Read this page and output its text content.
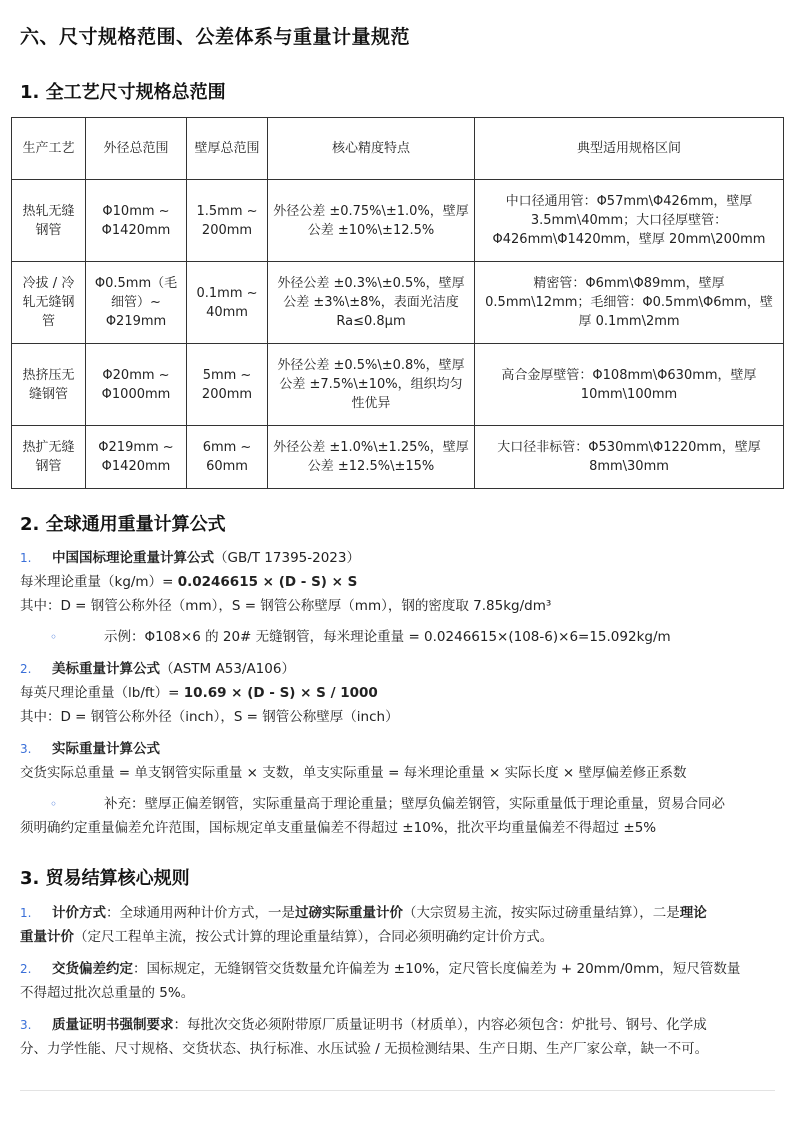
六、尺寸规格范围、公差体系与重量计量规范
1. 全工艺尺寸规格总范围
生产工艺	外径总范围	壁厚总范围	核心精度特点	典型适用规格区间
热轧无缝钢管	Φ10mm ~ Φ1420mm	1.5mm ~ 200mm	外径公差 ±0.75%\±1.0%，壁厚公差 ±10%\±12.5%	中口径通用管：Φ57mm\Φ426mm，壁厚 3.5mm\40mm；大口径厚壁管：Φ426mm\Φ1420mm，壁厚 20mm\200mm
冷拔 / 冷轧无缝钢管	Φ0.5mm（毛细管）~ Φ219mm	0.1mm ~ 40mm	外径公差 ±0.3%\±0.5%，壁厚公差 ±3%\±8%，表面光洁度 Ra≤0.8μm	精密管：Φ6mm\Φ89mm，壁厚 0.5mm\12mm；毛细管：Φ0.5mm\Φ6mm，壁厚 0.1mm\2mm
热挤压无缝钢管	Φ20mm ~ Φ1000mm	5mm ~ 200mm	外径公差 ±0.5%\±0.8%，壁厚公差 ±7.5%\±10%，组织均匀性优异	高合金厚壁管：Φ108mm\Φ630mm，壁厚 10mm\100mm
热扩无缝钢管	Φ219mm ~ Φ1420mm	6mm ~ 60mm	外径公差 ±1.0%\±1.25%，壁厚公差 ±12.5%\±15%	大口径非标管：Φ530mm\Φ1220mm，壁厚 8mm\30mm
2. 全球通用重量计算公式
1. 中国国标理论重量计算公式（GB/T 17395-2023）
每米理论重量（kg/m）= 0.0246615 × (D - S) × S
其中：D = 钢管公称外径（mm），S = 钢管公称壁厚（mm），钢的密度取 7.85kg/dm³
◦	示例：Φ108×6 的 20# 无缝钢管，每米理论重量 = 0.0246615×(108-6)×6=15.092kg/m
2. 美标重量计算公式（ASTM A53/A106）
每英尺理论重量（lb/ft）= 10.69 × (D - S) × S / 1000
其中：D = 钢管公称外径（inch），S = 钢管公称壁厚（inch）
3. 实际重量计算公式
交货实际总重量 = 单支钢管实际重量 × 支数，单支实际重量 = 每米理论重量 × 实际长度 × 壁厚偏差修正系数
◦	补充：壁厚正偏差钢管，实际重量高于理论重量；壁厚负偏差钢管，实际重量低于理论重量，贸易合同必
须明确约定重量偏差允许范围，国标规定单支重量偏差不得超过 ±10%，批次平均重量偏差不得超过 ±5%
3. 贸易结算核心规则
1. 计价方式：全球通用两种计价方式，一是过磅实际重量计价（大宗贸易主流，按实际过磅重量结算），二是理论
重量计价（定尺工程单主流，按公式计算的理论重量结算），合同必须明确约定计价方式。
2. 交货偏差约定：国标规定，无缝钢管交货数量允许偏差为 ±10%，定尺管长度偏差为 + 20mm/0mm，短尺管数量
不得超过批次总重量的 5%。
3. 质量证明书强制要求：每批次交货必须附带原厂质量证明书（材质单），内容必须包含：炉批号、钢号、化学成
分、力学性能、尺寸规格、交货状态、执行标准、水压试验 / 无损检测结果、生产日期、生产厂家公章，缺一不可。
